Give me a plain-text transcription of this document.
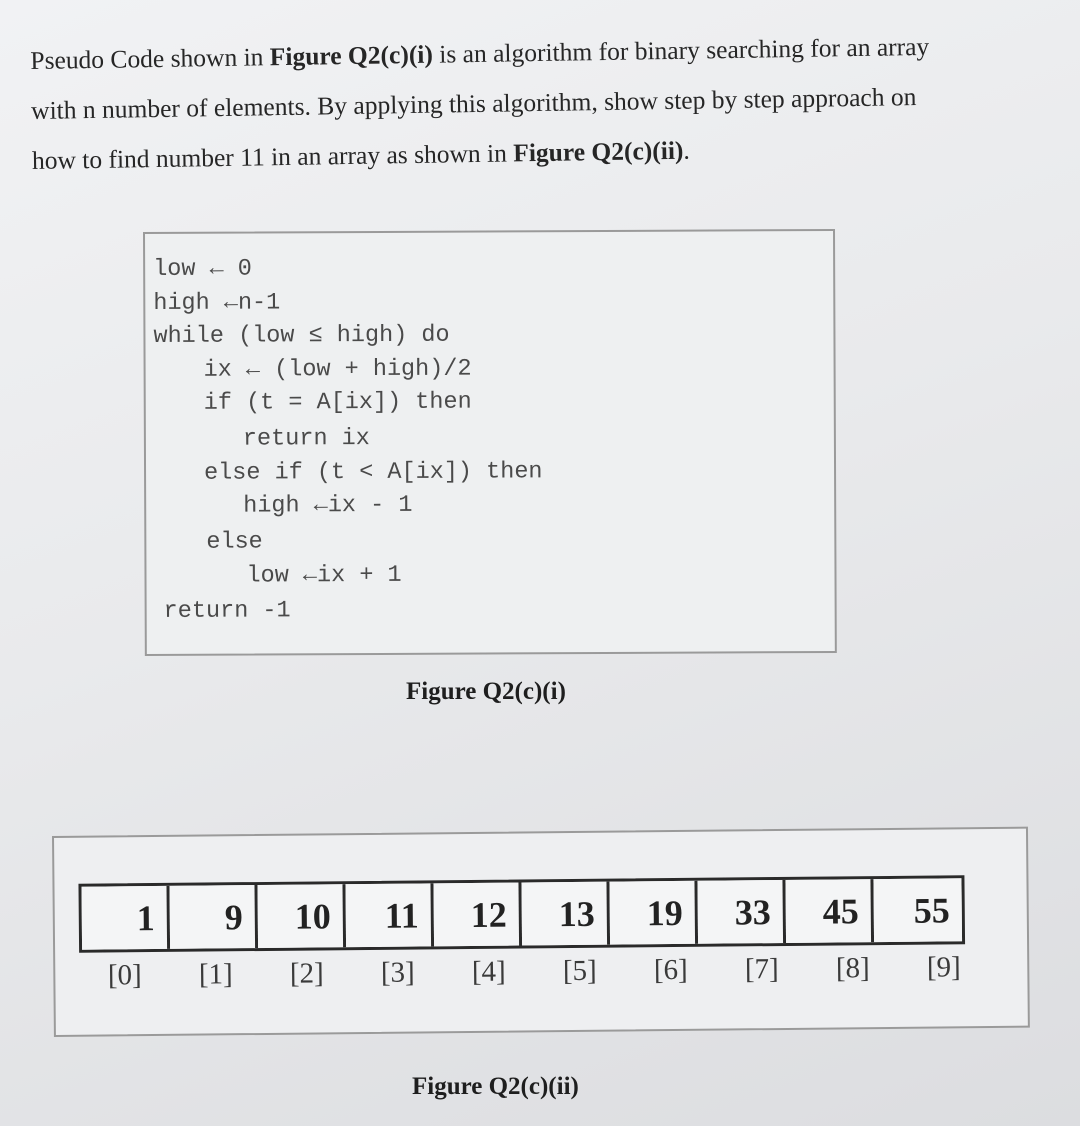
Pseudo Code shown in Figure Q2(c)(i) is an algorithm for binary searching for an array

with n number of elements. By applying this algorithm, show step by step approach on

how to find number 11 in an array as shown in Figure Q2(c)(ii).

low ← 0
high ←n-1
while (low ≤ high) do
ix ← (low + high)/2
if (t = A[ix]) then
return ix
else if (t < A[ix]) then
high ←ix - 1
else
low ←ix + 1
return -1
Figure Q2(c)(i)
1	9	10	11	12	13	19	33	45	55
[0]	[1]	[2]	[3]	[4]	[5]	[6]	[7]	[8]	[9]
Figure Q2(c)(ii)
